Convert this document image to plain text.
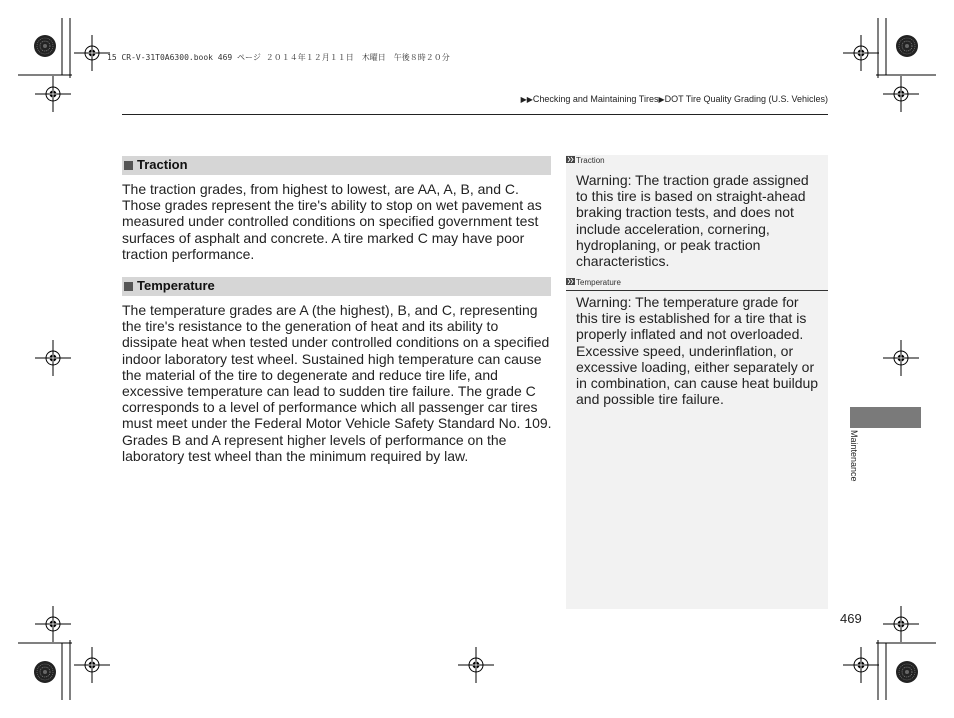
15 CR-V-31T0A6300.book 469 ページ ２０１４年１２月１１日　木曜日　午後８時２０分
▶▶Checking and Maintaining Tires▶DOT Tire Quality Grading (U.S. Vehicles)
Traction
The traction grades, from highest to lowest, are AA, A, B, and C. Those grades represent the tire's ability to stop on wet pavement as measured under controlled conditions on specified government test surfaces of asphalt and concrete. A tire marked C may have poor traction performance.
Temperature
The temperature grades are A (the highest), B, and C, representing the tire's resistance to the generation of heat and its ability to dissipate heat when tested under controlled conditions on a specified indoor laboratory test wheel. Sustained high temperature can cause the material of the tire to degenerate and reduce tire life, and excessive temperature can lead to sudden tire failure. The grade C corresponds to a level of performance which all passenger car tires must meet under the Federal Motor Vehicle Safety Standard No. 109. Grades B and A represent higher levels of performance on the laboratory test wheel than the minimum required by law.
Traction
Warning: The traction grade assigned to this tire is based on straight-ahead braking traction tests, and does not include acceleration, cornering, hydroplaning, or peak traction characteristics.
Temperature
Warning: The temperature grade for this tire is established for a tire that is properly inflated and not overloaded. Excessive speed, underinflation, or excessive loading, either separately or in combination, can cause heat buildup and possible tire failure.
Maintenance
469
